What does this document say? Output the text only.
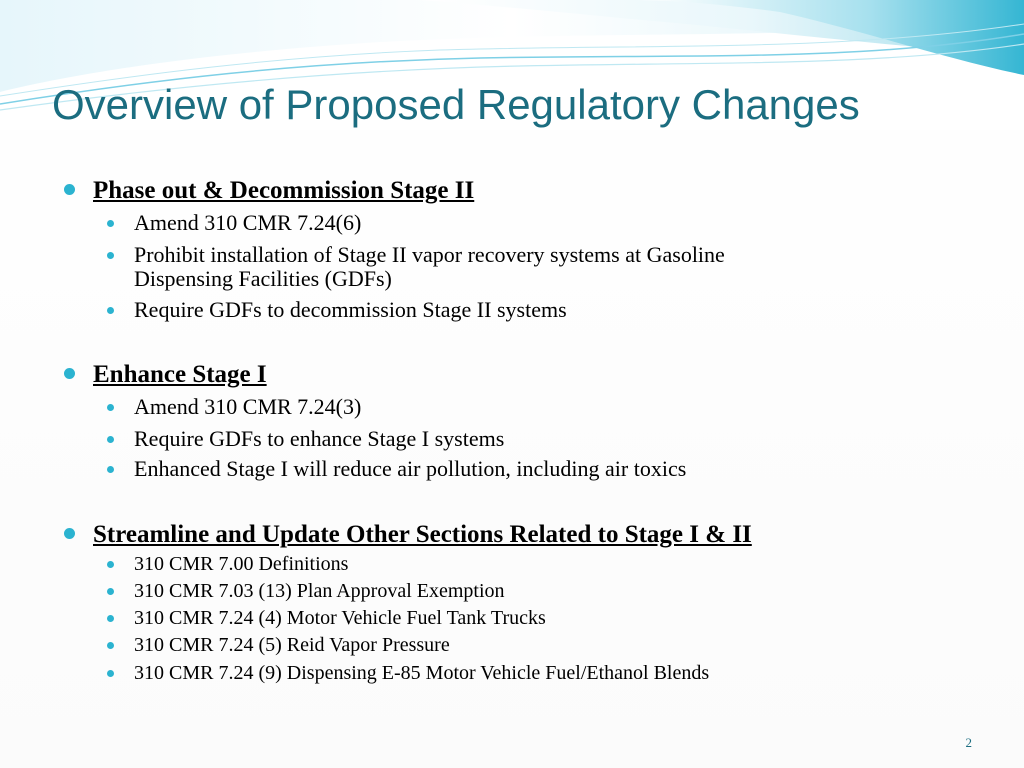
Overview of Proposed Regulatory Changes
Phase out & Decommission Stage II

Amend 310 CMR 7.24(6)

Prohibit installation of Stage II vapor recovery systems at Gasoline

Dispensing Facilities (GDFs)

Require GDFs to decommission Stage II systems

Enhance Stage I

Amend 310 CMR 7.24(3)

Require GDFs to enhance Stage I systems

Enhanced Stage I will reduce air pollution, including air toxics

Streamline and Update Other Sections Related to Stage I & II

310 CMR 7.00 Definitions

310 CMR 7.03 (13) Plan Approval Exemption

310 CMR 7.24 (4) Motor Vehicle Fuel Tank Trucks

310 CMR 7.24 (5) Reid Vapor Pressure

310 CMR 7.24 (9) Dispensing E-85 Motor Vehicle Fuel/Ethanol Blends

2
